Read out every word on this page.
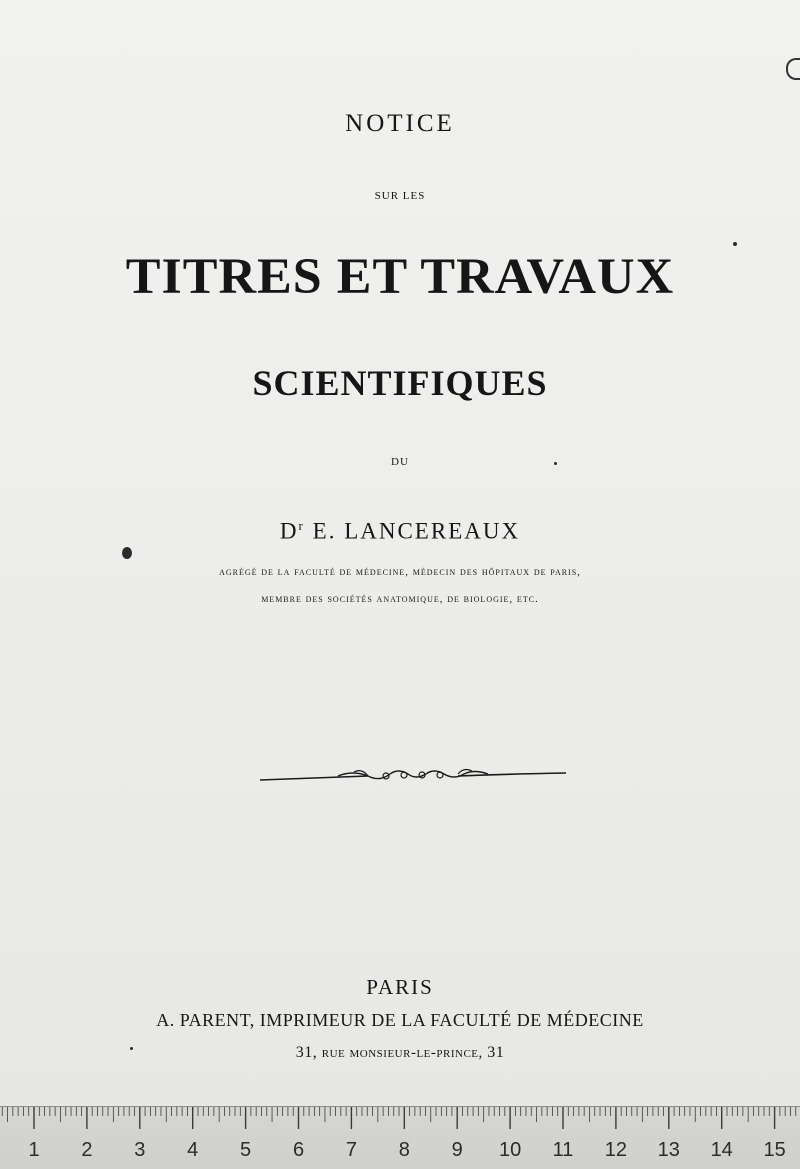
NOTICE
SUR LES
TITRES ET TRAVAUX
SCIENTIFIQUES
DU
$D^r$ E. LANCEREAUX
agrégé de la faculté de médecine, médecin des hôpitaux de paris,
membre des sociétés anatomique, de biologie, etc.
PARIS
A. PARENT, IMPRIMEUR DE LA FACULTÉ DE MÉDECINE
31, rue monsieur-le-prince, 31
1 2 3 4 5 6 7 8 9 10 11 12 13 14 15
